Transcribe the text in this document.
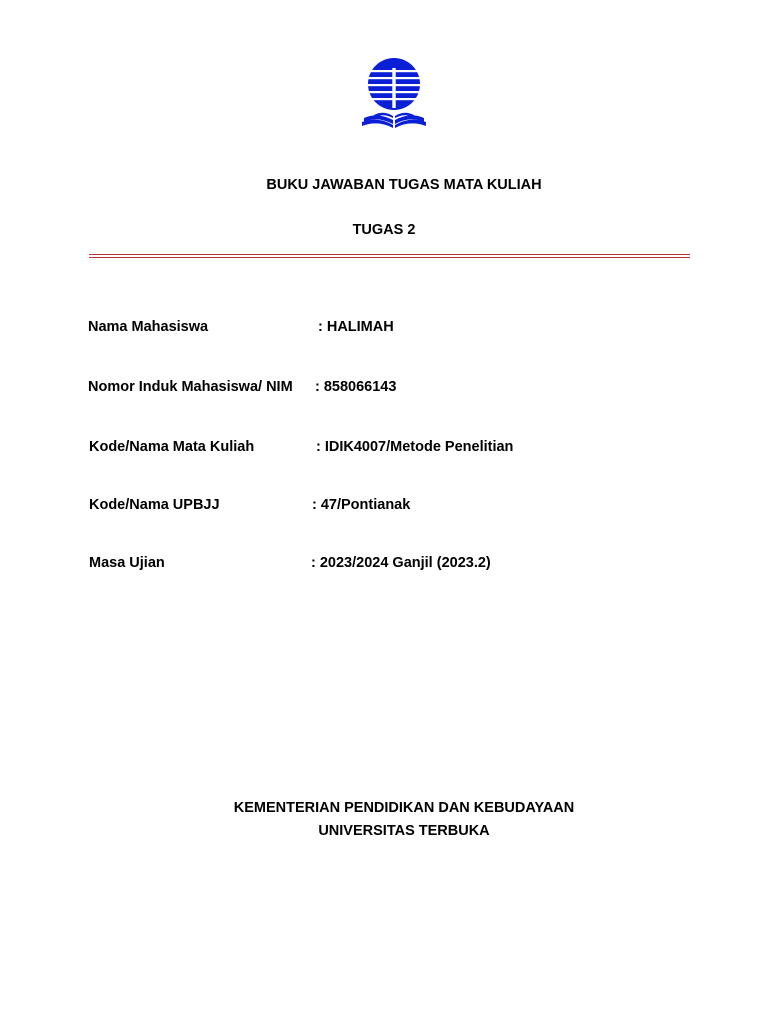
BUKU JAWABAN TUGAS MATA KULIAH
TUGAS 2
Nama Mahasiswa	: HALIMAH
Nomor Induk Mahasiswa/ NIM : 858066143
Kode/Nama Mata Kuliah	: IDIK4007/Metode Penelitian
Kode/Nama UPBJJ	: 47/Pontianak
Masa Ujian	: 2023/2024 Ganjil (2023.2)
KEMENTERIAN PENDIDIKAN DAN KEBUDAYAAN
UNIVERSITAS TERBUKA
